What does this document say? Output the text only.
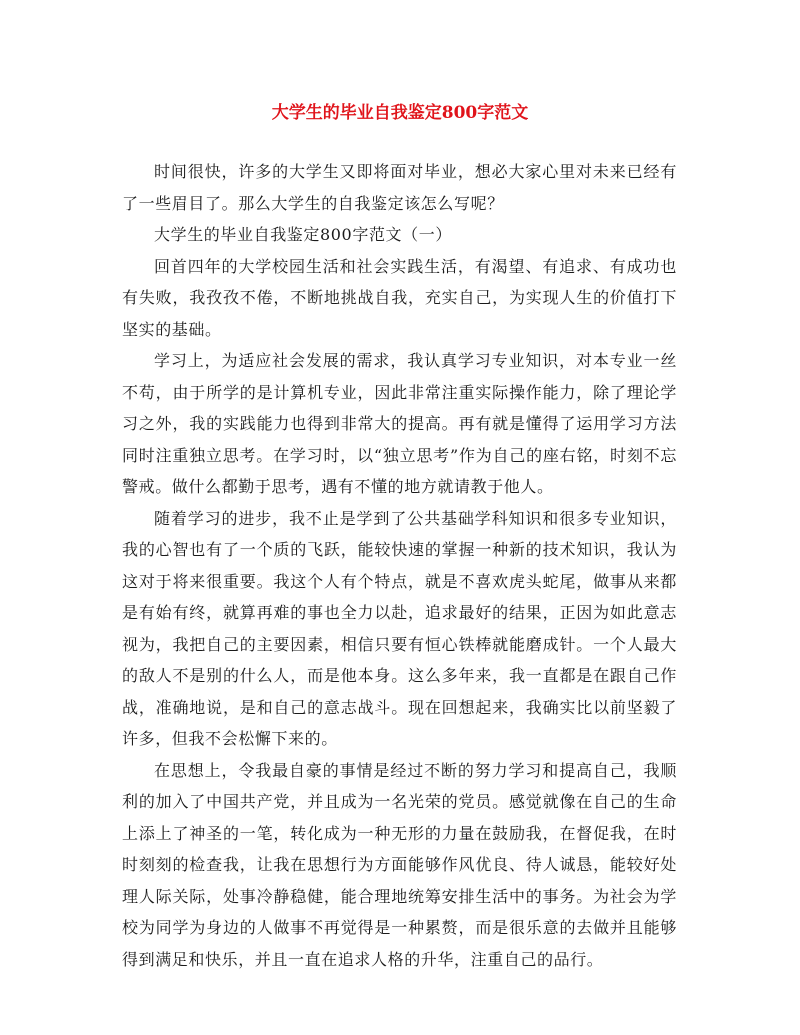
大学生的毕业自我鉴定800字范文

时间很快，许多的大学生又即将面对毕业，想必大家心里对未来已经有了一些眉目了。那么大学生的自我鉴定该怎么写呢？

大学生的毕业自我鉴定800字范文（一）

回首四年的大学校园生活和社会实践生活，有渴望、有追求、有成功也有失败，我孜孜不倦，不断地挑战自我，充实自己，为实现人生的价值打下坚实的基础。

学习上，为适应社会发展的需求，我认真学习专业知识，对本专业一丝不苟，由于所学的是计算机专业，因此非常注重实际操作能力，除了理论学习之外，我的实践能力也得到非常大的提高。再有就是懂得了运用学习方法同时注重独立思考。在学习时，以“独立思考”作为自己的座右铭，时刻不忘警戒。做什么都勤于思考，遇有不懂的地方就请教于他人。

随着学习的进步，我不止是学到了公共基础学科知识和很多专业知识，我的心智也有了一个质的飞跃，能较快速的掌握一种新的技术知识，我认为这对于将来很重要。我这个人有个特点，就是不喜欢虎头蛇尾，做事从来都是有始有终，就算再难的事也全力以赴，追求最好的结果，正因为如此意志视为，我把自己的主要因素，相信只要有恒心铁棒就能磨成针。一个人最大的敌人不是别的什么人，而是他本身。这么多年来，我一直都是在跟自己作战，准确地说，是和自己的意志战斗。现在回想起来，我确实比以前坚毅了许多，但我不会松懈下来的。

在思想上，令我最自豪的事情是经过不断的努力学习和提高自己，我顺利的加入了中国共产党，并且成为一名光荣的党员。感觉就像在自己的生命上添上了神圣的一笔，转化成为一种无形的力量在鼓励我，在督促我，在时时刻刻的检查我，让我在思想行为方面能够作风优良、待人诚恳，能较好处理人际关际，处事冷静稳健，能合理地统筹安排生活中的事务。为社会为学校为同学为身边的人做事不再觉得是一种累赘，而是很乐意的去做并且能够得到满足和快乐，并且一直在追求人格的升华，注重自己的品行。
